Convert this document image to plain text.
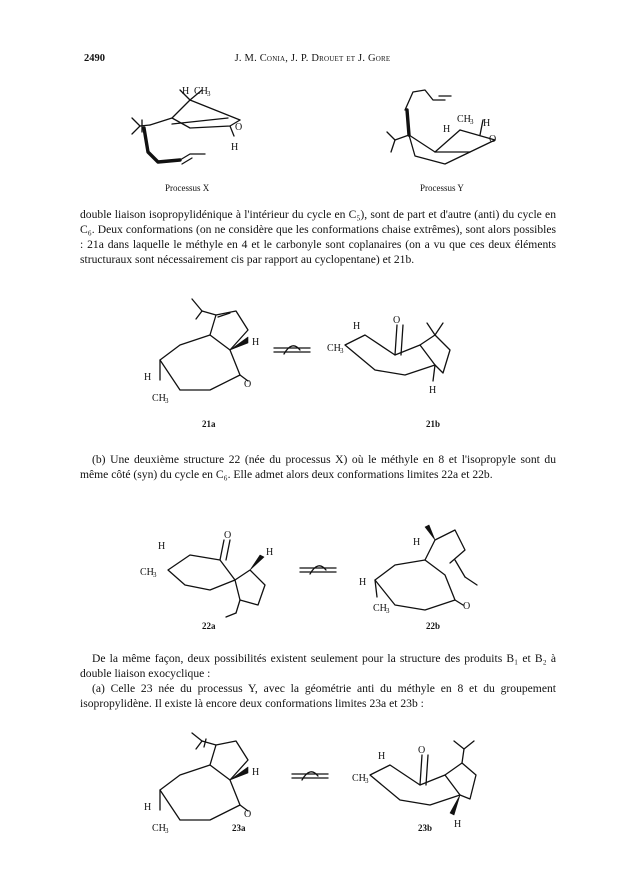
2490	J. M. Conia, J. P. Drouet et J. Gore
H CH 3
O
H
Processus X
H
CH 3 H
O
Processus Y

double liaison isopropylidénique à l'intérieur du cycle en C₅), sont de part et d'autre (anti) du cycle en C₆. Deux conformations (on ne considère que les conformations chaise extrêmes), sont alors possibles : 21a dans laquelle le méthyle en 4 et le carbonyle sont coplanaires (on a vu que ces deux éléments structuraux sont nécessairement cis par rapport au cyclopentane) et 21b.

H
O
H
CH 3
O
H
CH 3
H
21a	21b

(b) Une deuxième structure 22 (née du processus X) où le méthyle en 8 et l'isopropyle sont du même côté (syn) du cycle en C₆. Elle admet alors deux conformations limites 22a et 22b.

O
H
CH 3
H
H
O
H
CH 3
22a	22b

De la même façon, deux possibilités existent seulement pour la structure des produits B₁ et B₂ à double liaison exocyclique :

(a) Celle 23 née du processus Y, avec la géométrie anti du méthyle en 8 et du groupement isopropylidène. Il existe là encore deux conformations limites 23a et 23b :

H
O
H
CH 3
O
H
CH 3
H
23a	23b
